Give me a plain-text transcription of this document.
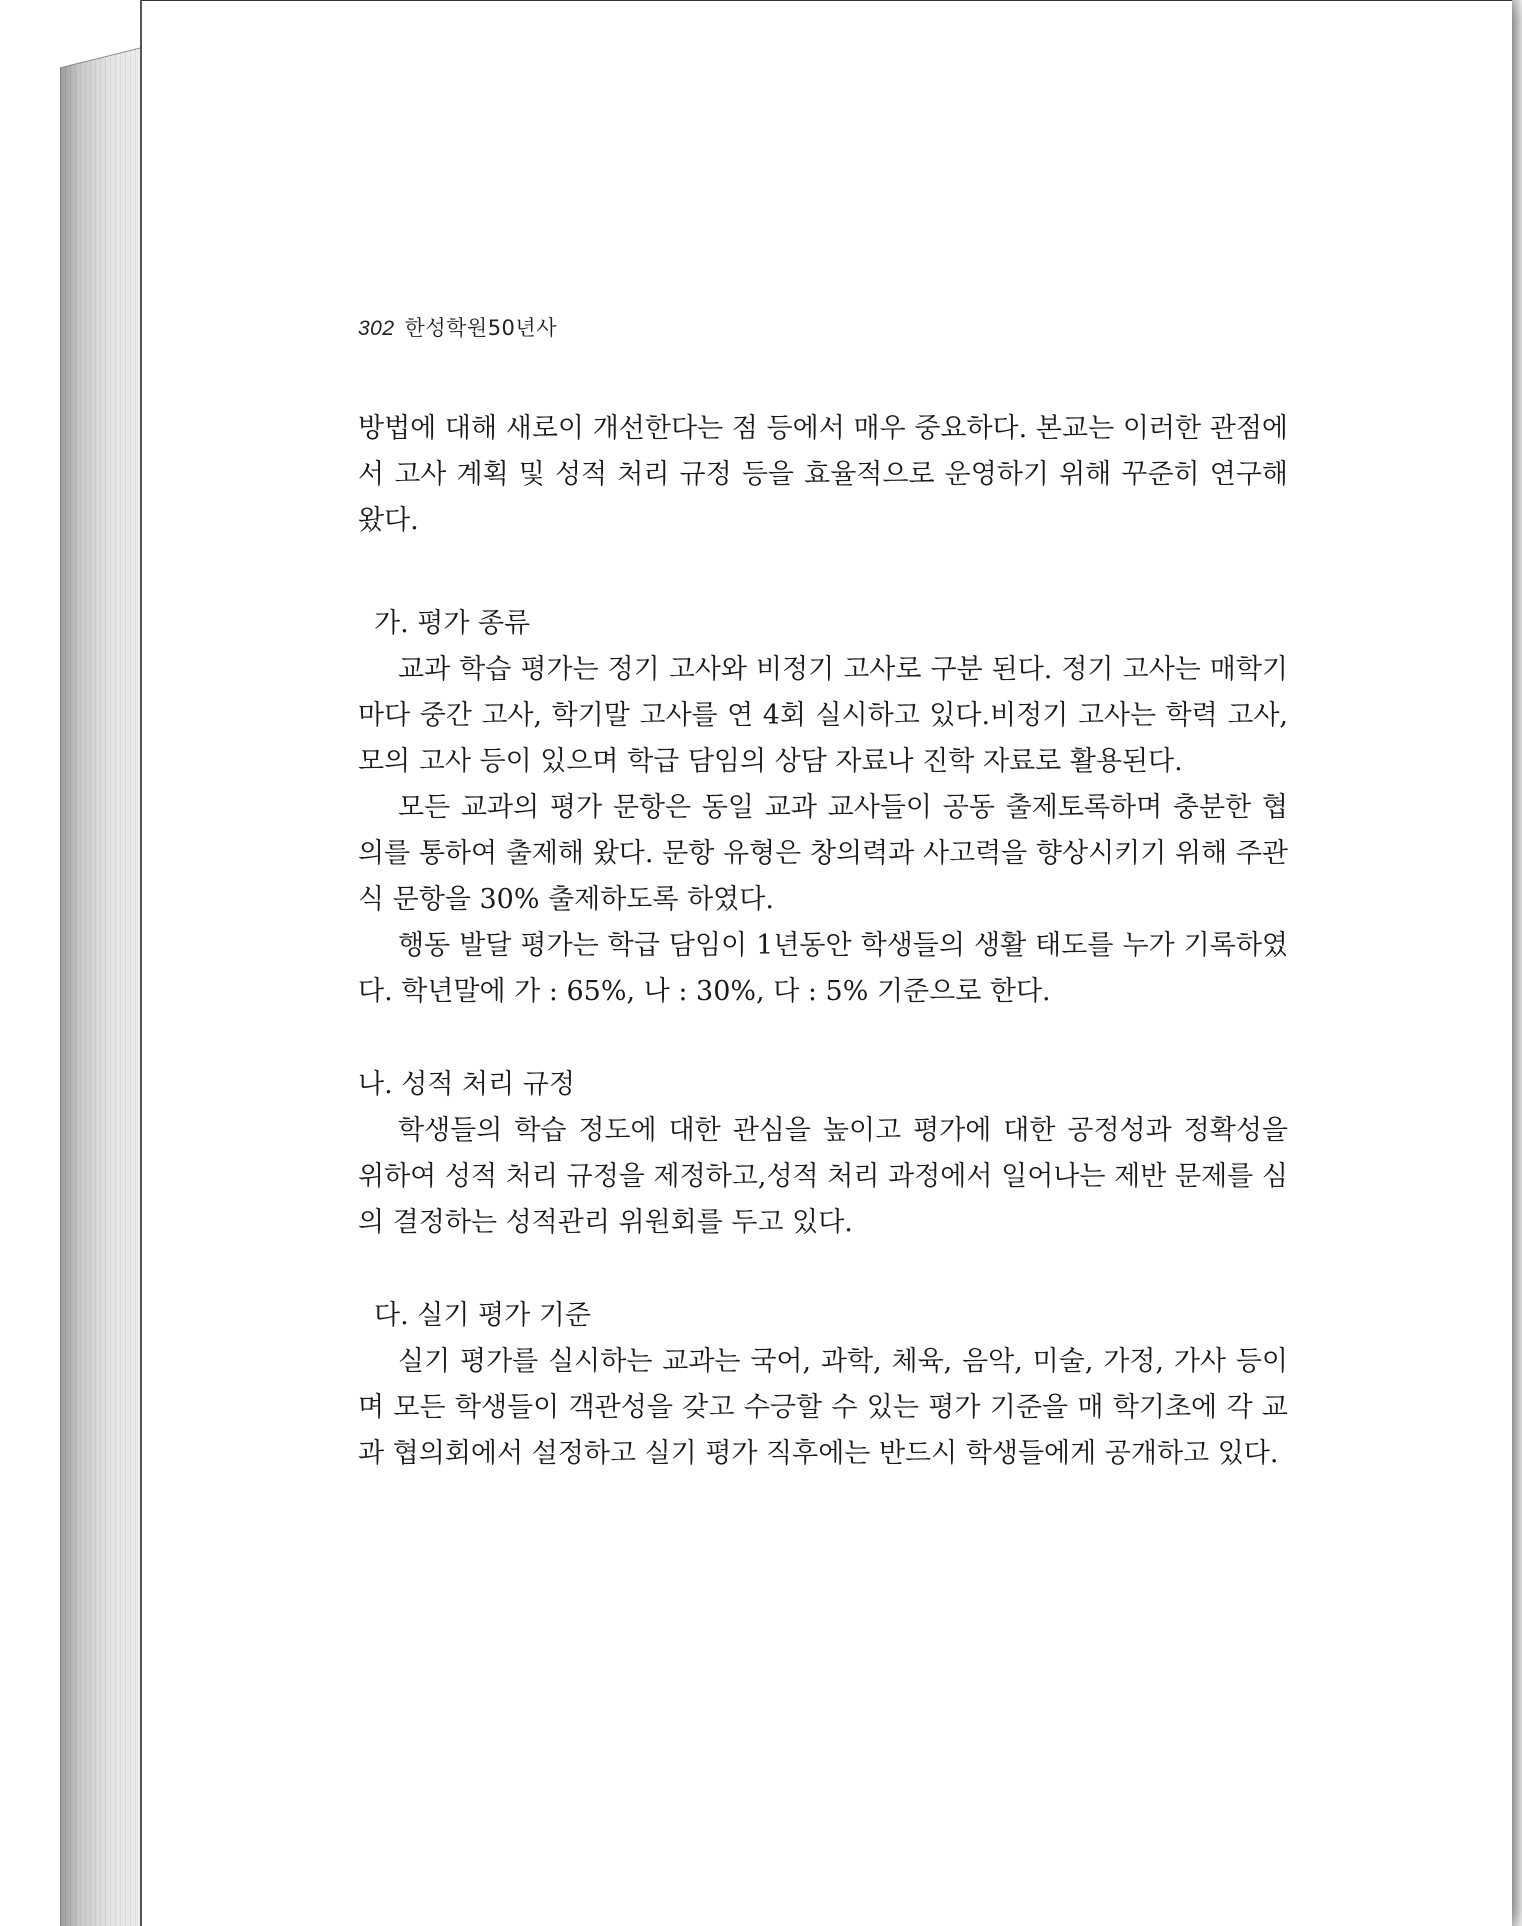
302 한성학원50년사

방법에 대해 새로이 개선한다는 점 등에서 매우 중요하다. 본교는 이러한 관점에서 고사 계획 및 성적 처리 규정 등을 효율적으로 운영하기 위해 꾸준히 연구해 왔다.

가. 평가 종류

교과 학습 평가는 정기 고사와 비정기 고사로 구분 된다. 정기 고사는 매학기마다 중간 고사, 학기말 고사를 연 4회 실시하고 있다.비정기 고사는 학력 고사, 모의 고사 등이 있으며 학급 담임의 상담 자료나 진학 자료로 활용된다.

모든 교과의 평가 문항은 동일 교과 교사들이 공동 출제토록하며 충분한 협의를 통하여 출제해 왔다. 문항 유형은 창의력과 사고력을 향상시키기 위해 주관식 문항을 30% 출제하도록 하였다.

행동 발달 평가는 학급 담임이 1년동안 학생들의 생활 태도를 누가 기록하였다. 학년말에 가 : 65%, 나 : 30%, 다 : 5% 기준으로 한다.

나. 성적 처리 규정

학생들의 학습 정도에 대한 관심을 높이고 평가에 대한 공정성과 정확성을 위하여 성적 처리 규정을 제정하고,성적 처리 과정에서 일어나는 제반 문제를 심의 결정하는 성적관리 위원회를 두고 있다.

다. 실기 평가 기준

실기 평가를 실시하는 교과는 국어, 과학, 체육, 음악, 미술, 가정, 가사 등이며 모든 학생들이 객관성을 갖고 수긍할 수 있는 평가 기준을 매 학기초에 각 교과 협의회에서 설정하고 실기 평가 직후에는 반드시 학생들에게 공개하고 있다.
